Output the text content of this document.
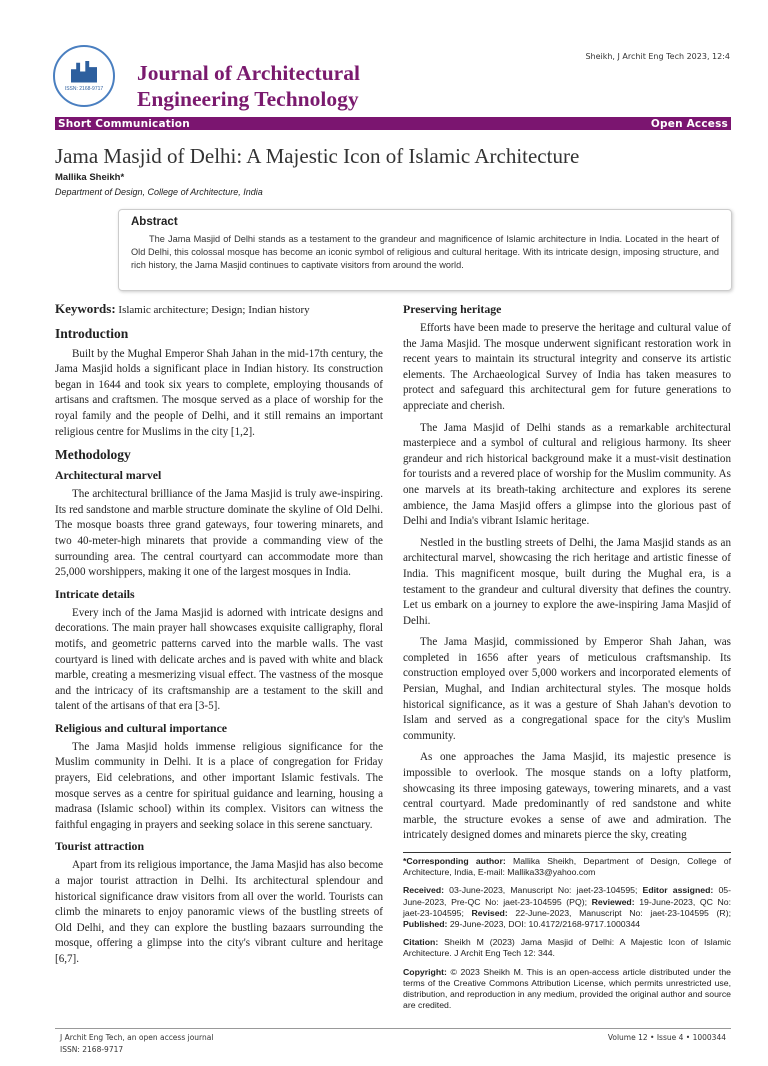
ISSN: 2168-9717
Journal of Architectural
Engineering Technology
Sheikh, J Archit Eng Tech 2023, 12:4
Short Communication	Open Access
Jama Masjid of Delhi: A Majestic Icon of Islamic Architecture
Mallika Sheikh*
Department of Design, College of Architecture, India
Abstract

The Jama Masjid of Delhi stands as a testament to the grandeur and magnificence of Islamic architecture in India. Located in the heart of Old Delhi, this colossal mosque has become an iconic symbol of religious and cultural heritage. With its intricate design, imposing structure, and rich history, the Jama Masjid continues to captivate visitors from around the world.

Keywords: Islamic architecture; Design; Indian history
Introduction

Built by the Mughal Emperor Shah Jahan in the mid-17th century, the Jama Masjid holds a significant place in Indian history. Its construction began in 1644 and took six years to complete, employing thousands of artisans and craftsmen. The mosque served as a place of worship for the royal family and the people of Delhi, and it still remains an important religious centre for Muslims in the city [1,2].

Methodology
Architectural marvel

The architectural brilliance of the Jama Masjid is truly awe-inspiring. Its red sandstone and marble structure dominate the skyline of Old Delhi. The mosque boasts three grand gateways, four towering minarets, and two 40-meter-high minarets that provide a commanding view of the surrounding area. The central courtyard can accommodate more than 25,000 worshippers, making it one of the largest mosques in India.

Intricate details

Every inch of the Jama Masjid is adorned with intricate designs and decorations. The main prayer hall showcases exquisite calligraphy, floral motifs, and geometric patterns carved into the marble walls. The vast courtyard is lined with delicate arches and is paved with white and black marble, creating a mesmerizing visual effect. The vastness of the mosque and the intricacy of its craftsmanship are a testament to the skill and talent of the artisans of that era [3-5].

Religious and cultural importance

The Jama Masjid holds immense religious significance for the Muslim community in Delhi. It is a place of congregation for Friday prayers, Eid celebrations, and other important Islamic festivals. The mosque serves as a centre for spiritual guidance and learning, housing a madrasa (Islamic school) within its complex. Visitors can witness the faithful engaging in prayers and seeking solace in this serene sanctuary.

Tourist attraction

Apart from its religious importance, the Jama Masjid has also become a major tourist attraction in Delhi. Its architectural splendour and historical significance draw visitors from all over the world. Tourists can climb the minarets to enjoy panoramic views of the bustling streets of Old Delhi, and they can explore the bustling bazaars surrounding the mosque, offering a glimpse into the city's vibrant culture and heritage [6,7].

Preserving heritage

Efforts have been made to preserve the heritage and cultural value of the Jama Masjid. The mosque underwent significant restoration work in recent years to maintain its structural integrity and conserve its artistic elements. The Archaeological Survey of India has taken measures to protect and safeguard this architectural gem for future generations to appreciate and cherish.

The Jama Masjid of Delhi stands as a remarkable architectural masterpiece and a symbol of cultural and religious harmony. Its sheer grandeur and rich historical background make it a must-visit destination for tourists and a revered place of worship for the Muslim community. As one marvels at its breath-taking architecture and explores its serene ambience, the Jama Masjid offers a glimpse into the glorious past of Delhi and India's vibrant Islamic heritage.

Nestled in the bustling streets of Delhi, the Jama Masjid stands as an architectural marvel, showcasing the rich heritage and artistic finesse of India. This magnificent mosque, built during the Mughal era, is a testament to the grandeur and cultural diversity that defines the country. Let us embark on a journey to explore the awe-inspiring Jama Masjid of Delhi.

The Jama Masjid, commissioned by Emperor Shah Jahan, was completed in 1656 after years of meticulous craftsmanship. Its construction employed over 5,000 workers and incorporated elements of Persian, Mughal, and Indian architectural styles. The mosque holds historical significance, as it was a gesture of Shah Jahan's devotion to Islam and served as a congregational space for the city's Muslim community.

As one approaches the Jama Masjid, its majestic presence is impossible to overlook. The mosque stands on a lofty platform, showcasing its three imposing gateways, towering minarets, and a vast central courtyard. Made predominantly of red sandstone and white marble, the structure evokes a sense of awe and admiration. The intricately designed domes and minarets pierce the sky, creating

*Corresponding author: Mallika Sheikh, Department of Design, College of Architecture, India, E-mail: Mallika33@yahoo.com

Received: 03-June-2023, Manuscript No: jaet-23-104595; Editor assigned: 05-June-2023, Pre-QC No: jaet-23-104595 (PQ); Reviewed: 19-June-2023, QC No: jaet-23-104595; Revised: 22-June-2023, Manuscript No: jaet-23-104595 (R); Published: 29-June-2023, DOI: 10.4172/2168-9717.1000344

Citation: Sheikh M (2023) Jama Masjid of Delhi: A Majestic Icon of Islamic Architecture. J Archit Eng Tech 12: 344.

Copyright: © 2023 Sheikh M. This is an open-access article distributed under the terms of the Creative Commons Attribution License, which permits unrestricted use, distribution, and reproduction in any medium, provided the original author and source are credited.

J Archit Eng Tech, an open access journal
ISSN: 2168-9717
Volume 12 • Issue 4 • 1000344
